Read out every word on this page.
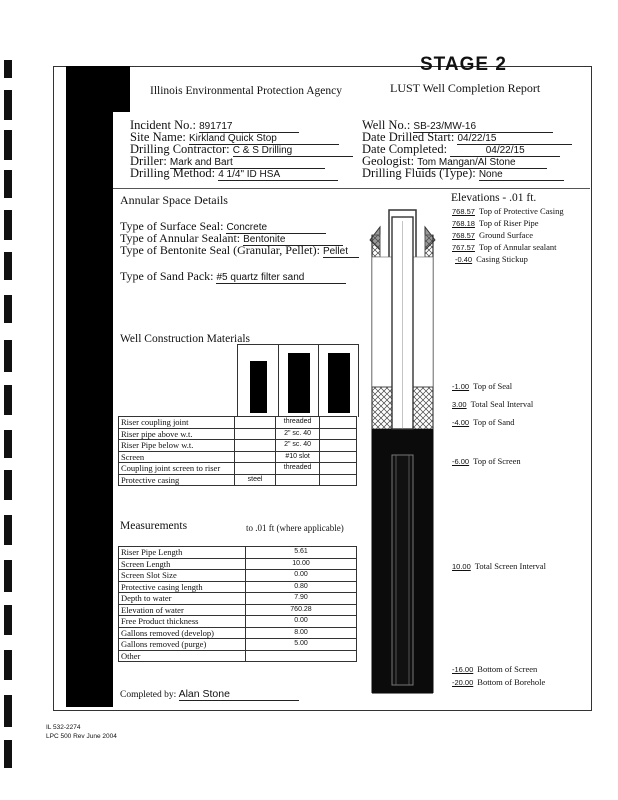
STAGE 2
Illinois Environmental Protection Agency	LUST Well Completion Report
Incident No.: 891717
Site Name: Kirkland Quick Stop
Drilling Contractor: C & S Drilling
Driller: Mark and Bart
Drilling Method: 4 1/4" ID HSA
Well No.: SB-23/MW-16
Date Drilled Start: 04/22/15
Date Completed:	04/22/15
Geologist: Tom Mangan/Al Stone
Drilling Fluids (Type): None
Annular Space Details
Type of Surface Seal: Concrete
Type of Annular Sealant: Bentonite
Type of Bentonite Seal (Granular, Pellet): Pellet
Type of Sand Pack: #5 quartz filter sand
Well Construction Materials
Riser coupling joint		threaded	
Riser pipe above w.t.		2" sc. 40	
Riser Pipe below w.t.		2" sc. 40	
Screen		#10 slot	
Coupling joint screen to riser		threaded	
Protective casing	steel		
Measurements	to .01 ft (where applicable)
Riser Pipe Length	5.61
Screen Length	10.00
Screen Slot Size	0.00
Protective casing length	0.80
Depth to water	7.90
Elevation of water	760.28
Free Product thickness	0.00
Gallons removed (develop)	8.00
Gallons removed (purge)	5.00
Other	
Completed by: Alan Stone
Elevations - .01 ft.
768.57 Top of Protective Casing
768.18 Top of Riser Pipe
768.57 Ground Surface
767.57 Top of Annular sealant
-0.40 Casing Stickup
-1.00 Top of Seal
3.00 Total Seal Interval
-4.00 Top of Sand
-6.00 Top of Screen
10.00 Total Screen Interval
-16.00 Bottom of Screen
-20.00 Bottom of Borehole
IL 532-2274
LPC 500 Rev June 2004
